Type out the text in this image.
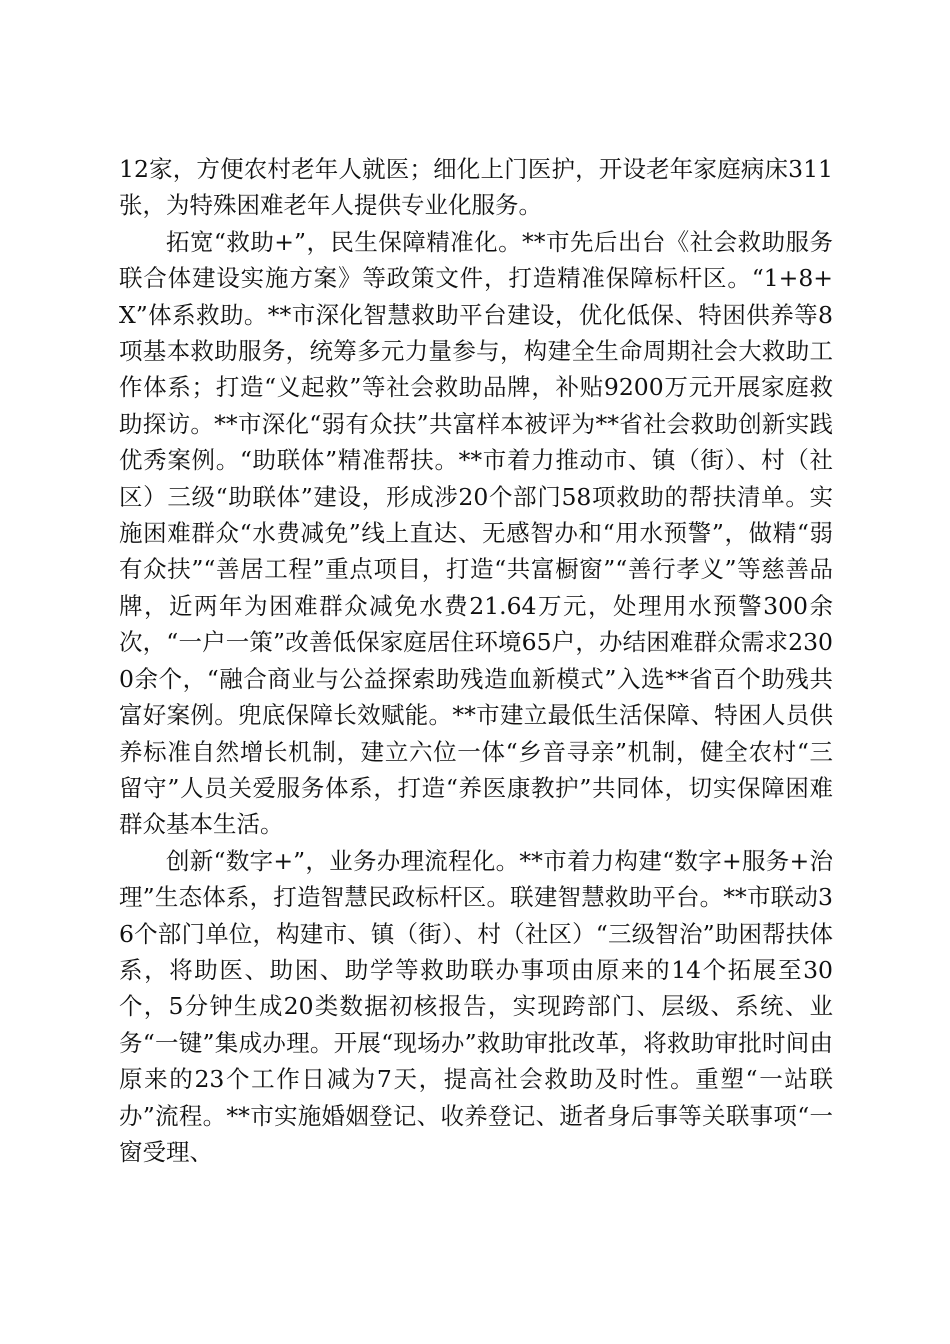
12家，方便农村老年人就医；细化上门医护，开设老年家庭病床311张，为特殊困难老年人提供专业化服务。

拓宽“救助+”，民生保障精准化。**市先后出台《社会救助服务联合体建设实施方案》等政策文件，打造精准保障标杆区。“1+8+X”体系救助。**市深化智慧救助平台建设，优化低保、特困供养等8项基本救助服务，统筹多元力量参与，构建全生命周期社会大救助工作体系；打造“义起救”等社会救助品牌，补贴9200万元开展家庭救助探访。**市深化“弱有众扶”共富样本被评为**省社会救助创新实践优秀案例。“助联体”精准帮扶。**市着力推动市、镇（街）、村（社区）三级“助联体”建设，形成涉20个部门58项救助的帮扶清单。实施困难群众“水费减免”线上直达、无感智办和“用水预警”，做精“弱有众扶”“善居工程”重点项目，打造“共富橱窗”“善行孝义”等慈善品牌，近两年为困难群众减免水费21.64万元，处理用水预警300余次，“一户一策”改善低保家庭居住环境65户，办结困难群众需求2300余个，“融合商业与公益探索助残造血新模式”入选**省百个助残共富好案例。兜底保障长效赋能。**市建立最低生活保障、特困人员供养标准自然增长机制，建立六位一体“乡音寻亲”机制，健全农村“三留守”人员关爱服务体系，打造“养医康教护”共同体，切实保障困难群众基本生活。

创新“数字+”，业务办理流程化。**市着力构建“数字+服务+治理”生态体系，打造智慧民政标杆区。联建智慧救助平台。**市联动36个部门单位，构建市、镇（街）、村（社区）“三级智治”助困帮扶体系，将助医、助困、助学等救助联办事项由原来的14个拓展至30个，5分钟生成20类数据初核报告，实现跨部门、层级、系统、业务“一键”集成办理。开展“现场办”救助审批改革，将救助审批时间由原来的23个工作日减为7天，提高社会救助及时性。重塑“一站联办”流程。**市实施婚姻登记、收养登记、逝者身后事等关联事项“一窗受理、
